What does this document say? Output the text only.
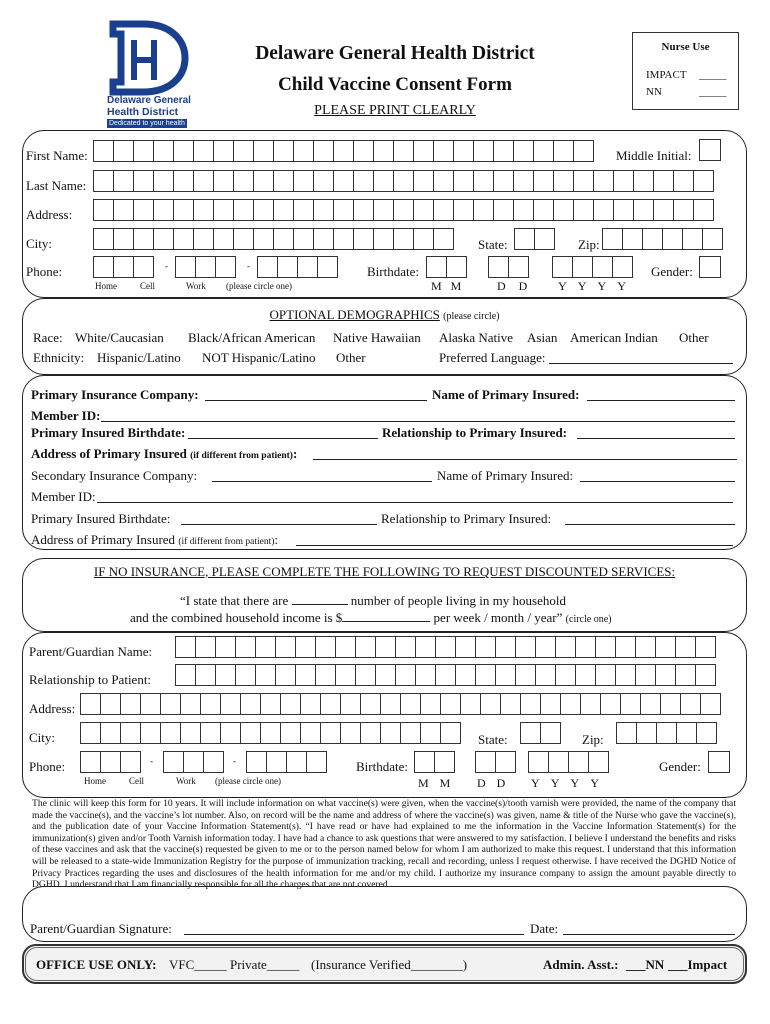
Delaware General
Health District
Dedicated to your health
Delaware General Health District
Child Vaccine Consent Form
PLEASE PRINT CLEARLY
Nurse Use
IMPACT _____
NN	_____
First Name:	Middle Initial:
Last Name:
Address:
City:	State:	Zip:
Phone:	-	-	Birthdate:	Gender:
Home	Cell	Work (please circle one)	M M	D D	Y Y Y Y
OPTIONAL DEMOGRAPHICS (please circle)
Race: White/Caucasian Black/African American Native Hawaiian Alaska Native Asian American Indian Other
Ethnicity: Hispanic/Latino NOT Hispanic/Latino Other	Preferred Language:
Primary Insurance Company:	Name of Primary Insured:
Member ID:
Primary Insured Birthdate:	Relationship to Primary Insured:
Address of Primary Insured (if different from patient):
Secondary Insurance Company:	Name of Primary Insured:
Member ID:
Primary Insured Birthdate:	Relationship to Primary Insured:
Address of Primary Insured (if different from patient):
IF NO INSURANCE, PLEASE COMPLETE THE FOLLOWING TO REQUEST DISCOUNTED SERVICES:
“I state that there are	number of people living in my household
and the combined household income is $	per week / month / year” (circle one)
Parent/Guardian Name:
Relationship to Patient:
Address:
City:	State:	Zip:
Phone:	-	-	Birthdate:	Gender:
Home	Cell	Work (please circle one)	M M D D Y Y Y Y
The clinic will keep this form for 10 years. It will include information on what vaccine(s) were given, when the vaccine(s)/tooth varnish were provided, the name of the company that made the vaccine(s), and the vaccine’s lot number. Also, on record will be the name and address of where the vaccine(s) was given, name & title of the Nurse who gave the vaccine(s), and the publication date of your Vaccine Information Statement(s). “I have read or have had explained to me the information in the Vaccine Information Statement(s) for the immunization(s) given and/or Tooth Varnish information today. I have had a chance to ask questions that were answered to my satisfaction. I believe I understand the benefits and risks of these vaccines and ask that the vaccine(s) requested be given to me or to the person named below for whom I am authorized to make this request. I understand that this information will be released to a state-wide Immunization Registry for the purpose of immunization tracking, recall and recording, unless I request otherwise. I have received the DGHD Notice of Privacy Practices regarding the uses and disclosures of the health information for me and/or my child. I authorize my insurance company to assign the amount payable directly to DGHD. I understand that I am financially responsible for all the charges that are not covered .
Parent/Guardian Signature:	Date:
OFFICE USE ONLY: VFC_____ Private_____ (Insurance Verified________)	Admin. Asst.: ___NN ___Impact
